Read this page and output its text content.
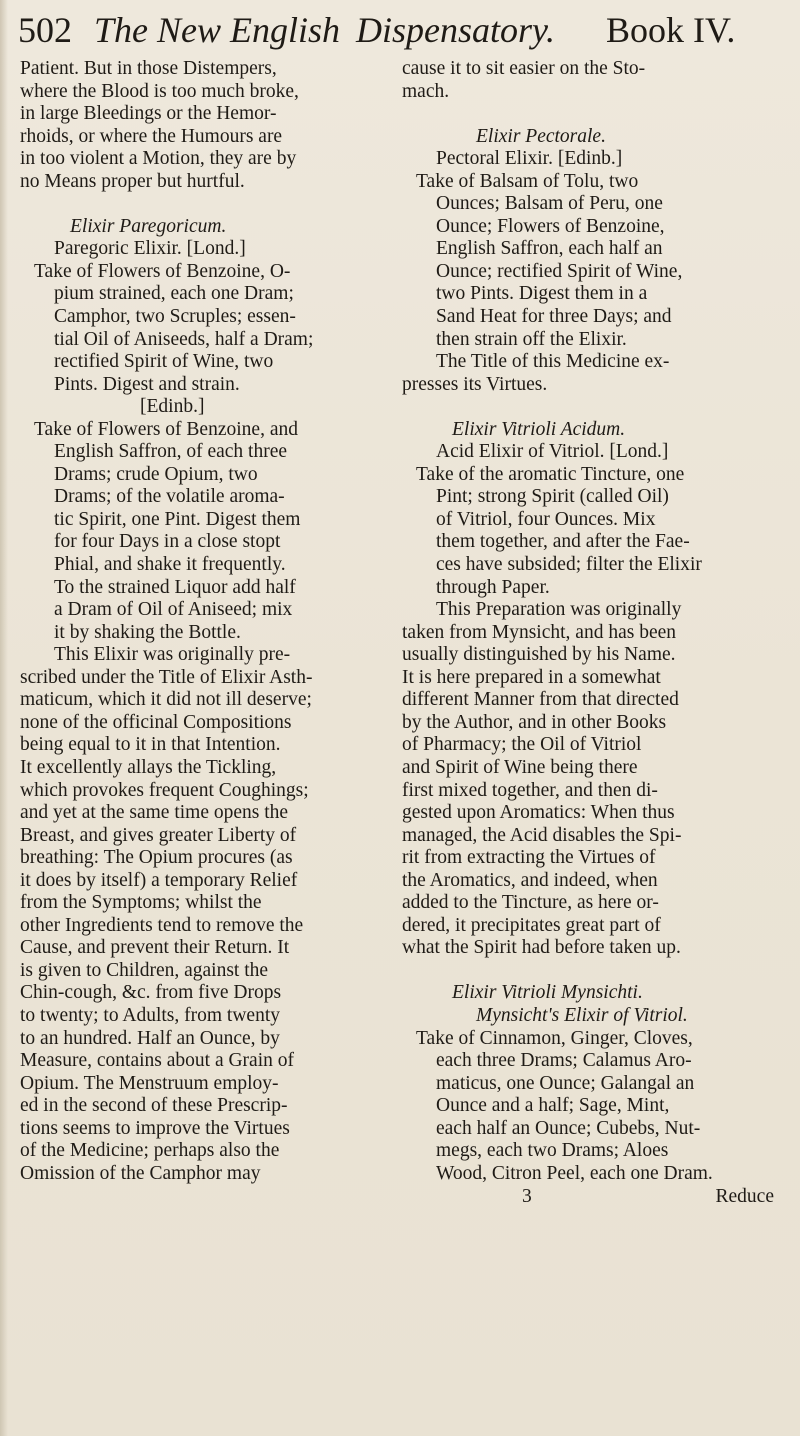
502 The New English Dispensatory. Book IV.
Patient. But in those Distempers,
where the Blood is too much broke,
in large Bleedings or the Hemor-
rhoids, or where the Humours are
in too violent a Motion, they are by
no Means proper but hurtful.
Elixir Paregoricum.
Paregoric Elixir. [Lond.]
Take of Flowers of Benzoine, O-
pium strained, each one Dram;
Camphor, two Scruples; essen-
tial Oil of Aniseeds, half a Dram;
rectified Spirit of Wine, two
Pints. Digest and strain.
[Edinb.]
Take of Flowers of Benzoine, and
English Saffron, of each three
Drams; crude Opium, two
Drams; of the volatile aroma-
tic Spirit, one Pint. Digest them
for four Days in a close stopt
Phial, and shake it frequently.
To the strained Liquor add half
a Dram of Oil of Aniseed; mix
it by shaking the Bottle.
This Elixir was originally pre-
scribed under the Title of Elixir Asth-
maticum, which it did not ill deserve;
none of the officinal Compositions
being equal to it in that Intention.
It excellently allays the Tickling,
which provokes frequent Coughings;
and yet at the same time opens the
Breast, and gives greater Liberty of
breathing: The Opium procures (as
it does by itself) a temporary Relief
from the Symptoms; whilst the
other Ingredients tend to remove the
Cause, and prevent their Return. It
is given to Children, against the
Chin-cough, &c. from five Drops
to twenty; to Adults, from twenty
to an hundred. Half an Ounce, by
Measure, contains about a Grain of
Opium. The Menstruum employ-
ed in the second of these Prescrip-
tions seems to improve the Virtues
of the Medicine; perhaps also the
Omission of the Camphor may
cause it to sit easier on the Sto-
mach.
Elixir Pectorale.
Pectoral Elixir. [Edinb.]
Take of Balsam of Tolu, two
Ounces; Balsam of Peru, one
Ounce; Flowers of Benzoine,
English Saffron, each half an
Ounce; rectified Spirit of Wine,
two Pints. Digest them in a
Sand Heat for three Days; and
then strain off the Elixir.
The Title of this Medicine ex-
presses its Virtues.
Elixir Vitrioli Acidum.
Acid Elixir of Vitriol. [Lond.]
Take of the aromatic Tincture, one
Pint; strong Spirit (called Oil)
of Vitriol, four Ounces. Mix
them together, and after the Fae-
ces have subsided; filter the Elixir
through Paper.
This Preparation was originally
taken from Mynsicht, and has been
usually distinguished by his Name.
It is here prepared in a somewhat
different Manner from that directed
by the Author, and in other Books
of Pharmacy; the Oil of Vitriol
and Spirit of Wine being there
first mixed together, and then di-
gested upon Aromatics: When thus
managed, the Acid disables the Spi-
rit from extracting the Virtues of
the Aromatics, and indeed, when
added to the Tincture, as here or-
dered, it precipitates great part of
what the Spirit had before taken up.
Elixir Vitrioli Mynsichti.
Mynsicht's Elixir of Vitriol.
Take of Cinnamon, Ginger, Cloves,
each three Drams; Calamus Aro-
maticus, one Ounce; Galangal an
Ounce and a half; Sage, Mint,
each half an Ounce; Cubebs, Nut-
megs, each two Drams; Aloes
Wood, Citron Peel, each one Dram.
3	Reduce
